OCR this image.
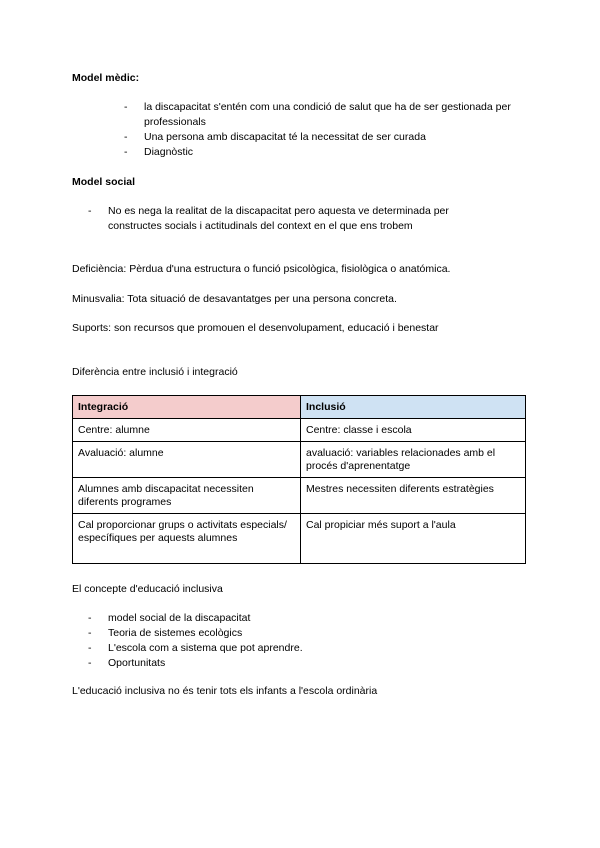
Model mèdic:
- la discapacitat s'entén com una condició de salut que ha de ser gestionada per professionals
- Una persona amb discapacitat té la necessitat de ser curada
- Diagnòstic
Model social
- No es nega la realitat de la discapacitat pero aquesta ve determinada per constructes socials i actitudinals del context en el que ens trobem
Deficiència: Pèrdua d'una estructura o funció psicològica, fisiològica o anatómica.
Minusvalia: Tota situació de desavantatges per una persona concreta.
Suports: son recursos que promouen el desenvolupament, educació i benestar
Diferència entre inclusió i integració
Integració	Inclusió
Centre: alumne	Centre: classe i escola
Avaluació: alumne	avaluació: variables relacionades amb el procés d'aprenentatge
Alumnes amb discapacitat necessiten diferents programes	Mestres necessiten diferents estratègies
Cal proporcionar grups o activitats especials/ específiques per aquests alumnes	Cal propiciar més suport a l'aula
El concepte d'educació inclusiva
- model social de la discapacitat
- Teoria de sistemes ecològics
- L'escola com a sistema que pot aprendre.
- Oportunitats
L'educació inclusiva no és tenir tots els infants a l'escola ordinària
